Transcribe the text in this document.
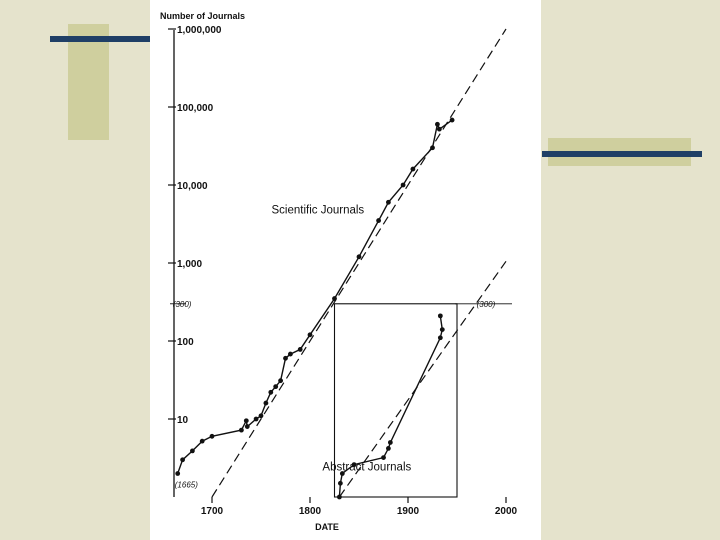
Number of Journals
DATE
10
100
1,000
10,000
100,000
1,000,000
1700	1800	1900	2000
Scientific Journals
Abstract Journals
(300)	(300)
(1665)
